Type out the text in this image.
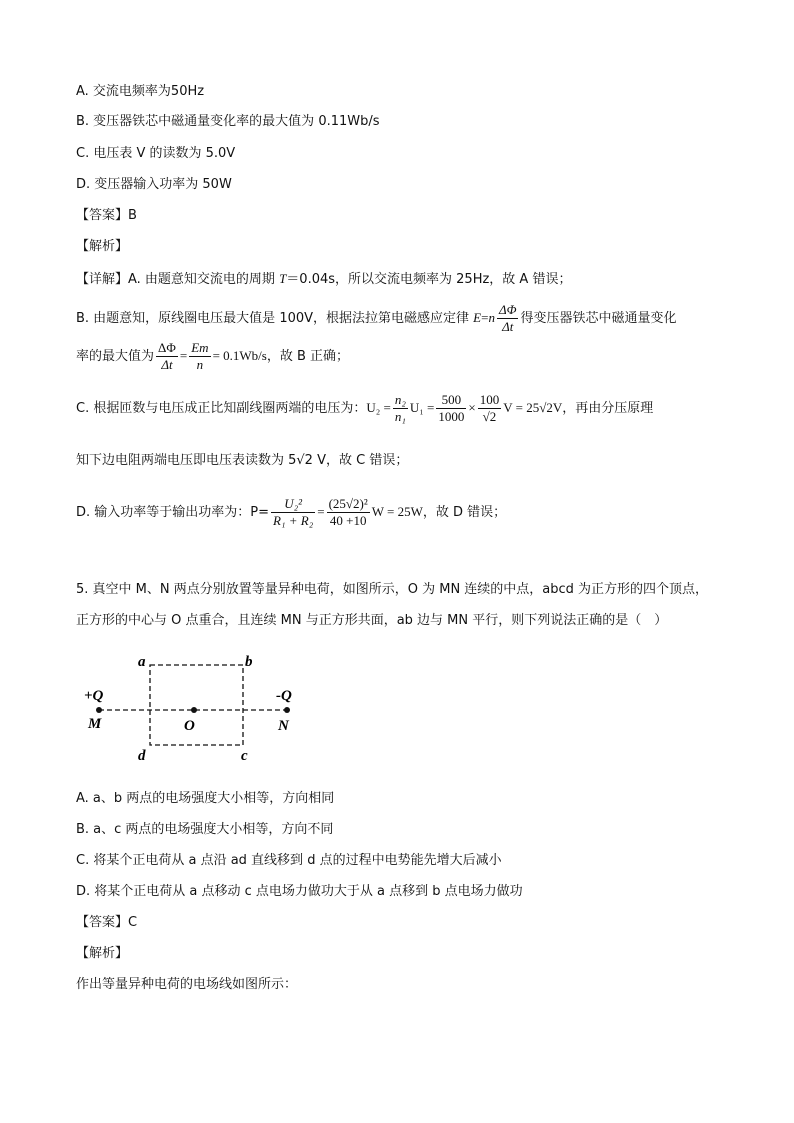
A. 交流电频率为50Hz
B. 变压器铁芯中磁通量变化率的最大值为 0.11Wb/s
C. 电压表 V 的读数为 5.0V
D. 变压器输入功率为 50W
【答案】B
【解析】
【详解】A. 由题意知交流电的周期 T＝0.04s，所以交流电频率为 25Hz，故 A 错误；
B. 由题意知，原线圈电压最大值是 100V，根据法拉第电磁感应定律 $E=n \frac{\Delta\Phi}{\Delta t}$ 得变压器铁芯中磁通量变化
率的最大值为 $\frac{\Delta\Phi}{\Delta t} = \frac{Em}{n} = 0.1Wb/s$，故 B 正确；
C. 根据匝数与电压成正比知副线圈两端的电压为：$U_2 = \frac{\text{n₂}}{\text{n₁}} U_1 = \frac{500}{1000} \times \frac{100}{√2}$ V = 25√2V，再由分压原理
知下边电阻两端电压即电压表读数为 5√2 V，故 C 错误；
D. 输入功率等于输出功率为：$P= \frac{\text{U₂²}}{\text{R₁ + R₂}} = \frac{\text{(25√2)²}}{40 +10}$ W = 25W，故 D 错误；
5. 真空中 M、N 两点分别放置等量异种电荷，如图所示，O 为 MN 连续的中点，abcd 为正方形的四个顶点，
正方形的中心与 O 点重合，且连续 MN 与正方形共面，ab 边与 MN 平行，则下列说法正确的是（　）
a	b
d	c
+Q
M	O
-Q
N
A. a、b 两点的电场强度大小相等，方向相同
B. a、c 两点的电场强度大小相等，方向不同
C. 将某个正电荷从 a 点沿 ad 直线移到 d 点的过程中电势能先增大后减小
D. 将某个正电荷从 a 点移动 c 点电场力做功大于从 a 点移到 b 点电场力做功
【答案】C
【解析】
作出等量异种电荷的电场线如图所示：
